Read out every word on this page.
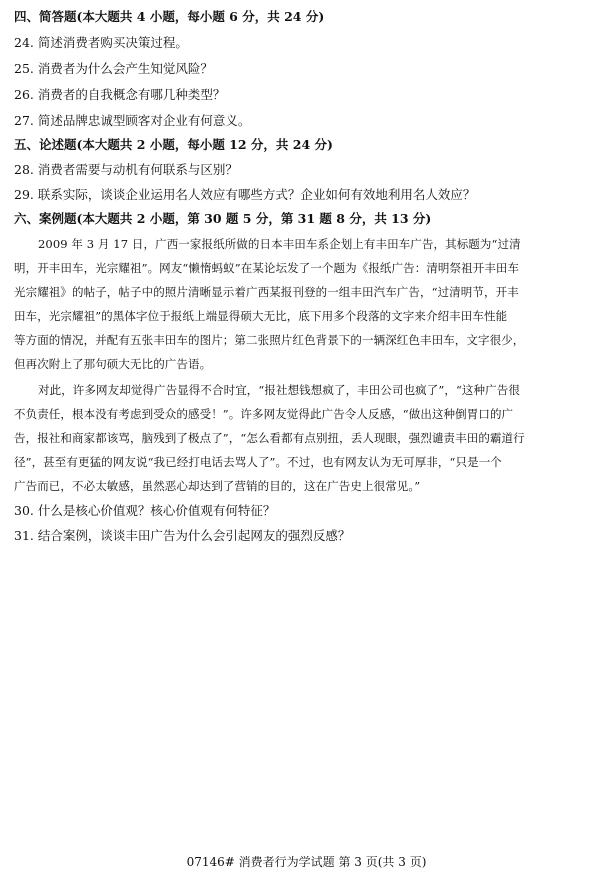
四、简答题(本大题共 4 小题，每小题 6 分，共 24 分)
24. 简述消费者购买决策过程。
25. 消费者为什么会产生知觉风险？
26. 消费者的自我概念有哪几种类型？
27. 简述品牌忠诚型顾客对企业有何意义。
五、论述题(本大题共 2 小题，每小题 12 分，共 24 分)
28. 消费者需要与动机有何联系与区别？
29. 联系实际，谈谈企业运用名人效应有哪些方式？企业如何有效地利用名人效应？
六、案例题(本大题共 2 小题，第 30 题 5 分，第 31 题 8 分，共 13 分)
2009 年 3 月 17 日，广西一家报纸所做的日本丰田车系企划上有丰田车广告，其标题为“过清
明，开丰田车，光宗耀祖”。网友“懒惰蚂蚁”在某论坛发了一个题为《报纸广告：清明祭祖开丰田车
光宗耀祖》的帖子，帖子中的照片清晰显示着广西某报刊登的一组丰田汽车广告，“过清明节，开丰
田车，光宗耀祖”的黑体字位于报纸上端显得硕大无比，底下用多个段落的文字来介绍丰田车性能
等方面的情况，并配有五张丰田车的图片；第二张照片红色背景下的一辆深红色丰田车，文字很少，
但再次附上了那句硕大无比的广告语。
对此，许多网友却觉得广告显得不合时宜，“报社想钱想疯了，丰田公司也疯了”，“这种广告很
不负责任，根本没有考虑到受众的感受！”。许多网友觉得此广告令人反感，“做出这种倒胃口的广
告，报社和商家都该骂，脑残到了极点了”，“怎么看都有点别扭，丢人现眼，强烈谴责丰田的霸道行
径”，甚至有更猛的网友说“我已经打电话去骂人了”。不过，也有网友认为无可厚非，“只是一个
广告而已，不必太敏感，虽然恶心却达到了营销的目的，这在广告史上很常见。”
30. 什么是核心价值观？核心价值观有何特征？
31. 结合案例，谈谈丰田广告为什么会引起网友的强烈反感？
07146# 消费者行为学试题 第 3 页(共 3 页)
